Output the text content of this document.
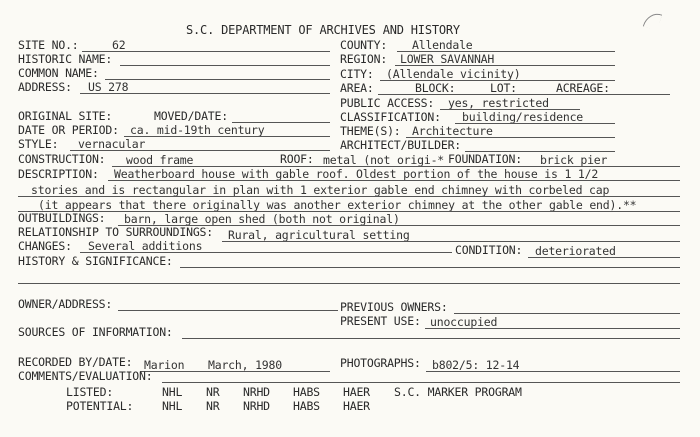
S.C. DEPARTMENT OF ARCHIVES AND HISTORY
SITE NO.:	62	COUNTY: Allendale
HISTORIC NAME:	REGION: LOWER SAVANNAH
COMMON NAME:	CITY: (Allendale vicinity)
ADDRESS: US 278	AREA:	BLOCK:	LOT:	ACREAGE:
PUBLIC ACCESS: yes, restricted
ORIGINAL SITE:	MOVED/DATE:	CLASSIFICATION: building/residence
DATE OR PERIOD: ca. mid-19th century	THEME(S): Architecture
STYLE: vernacular	ARCHITECT/BUILDER:
CONSTRUCTION: wood frame	ROOF: metal (not origi-* FOUNDATION: brick pier
DESCRIPTION: Weatherboard house with gable roof. Oldest portion of the house is 1 1/2
stories and is rectangular in plan with 1 exterior gable end chimney with corbeled cap
(it appears that there originally was another exterior chimney at the other gable end).**
OUTBUILDINGS: barn, large open shed (both not original)
RELATIONSHIP TO SURROUNDINGS: Rural, agricultural setting
CHANGES: Several additions	CONDITION: deteriorated
HISTORY & SIGNIFICANCE:
OWNER/ADDRESS:	PREVIOUS OWNERS:
PRESENT USE: unoccupied
SOURCES OF INFORMATION:
RECORDED BY/DATE: Marion March, 1980	PHOTOGRAPHS: b802/5: 12-14
COMMENTS/EVALUATION:
LISTED:	NHL NR NRHD HABS HAER S.C. MARKER PROGRAM
POTENTIAL:	NHL NR NRHD HABS HAER
